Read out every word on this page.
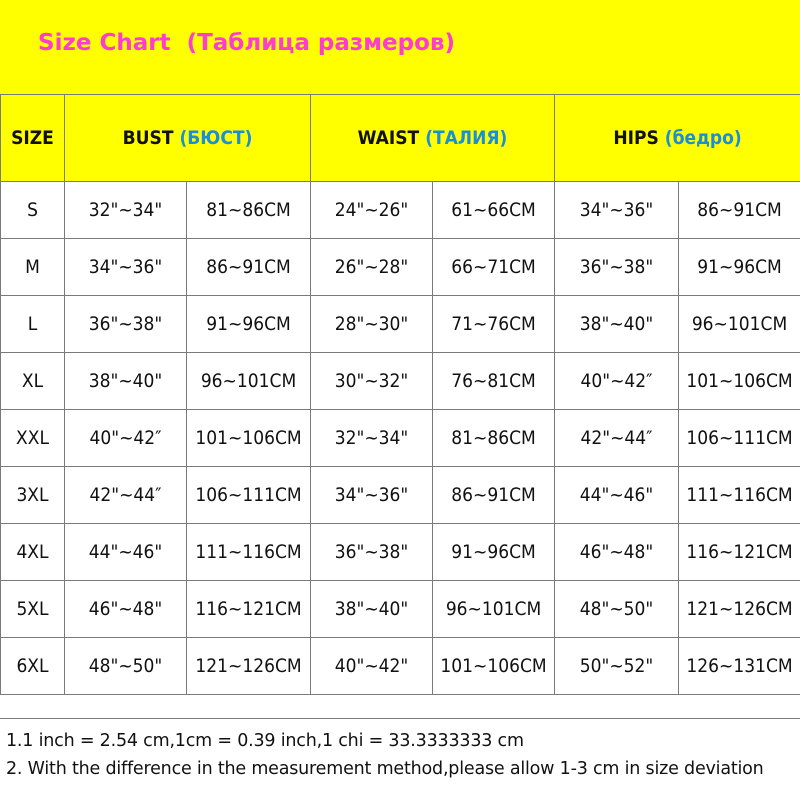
Size Chart  (Таблица размеров)
SIZE	BUST (БЮСТ)		WAIST (ТАЛИЯ)		HIPS (бедро)	
S	32"~34"	81~86CM	24"~26"	61~66CM	34"~36"	86~91CM
M	34"~36"	86~91CM	26"~28"	66~71CM	36"~38"	91~96CM
L	36"~38"	91~96CM	28"~30"	71~76CM	38"~40"	96~101CM
XL	38"~40"	96~101CM	30"~32"	76~81CM	40"~42″	101~106CM
XXL	40"~42″	101~106CM	32"~34"	81~86CM	42"~44″	106~111CM
3XL	42"~44″	106~111CM	34"~36"	86~91CM	44"~46"	111~116CM
4XL	44"~46"	111~116CM	36"~38"	91~96CM	46"~48"	116~121CM
5XL	46"~48"	116~121CM	38"~40"	96~101CM	48"~50"	121~126CM
6XL	48"~50"	121~126CM	40"~42"	101~106CM	50"~52"	126~131CM
1.1 inch = 2.54 cm,1cm = 0.39 inch,1 chi = 33.3333333 cm
2. With the difference in the measurement method,please allow 1-3 cm in size deviation
